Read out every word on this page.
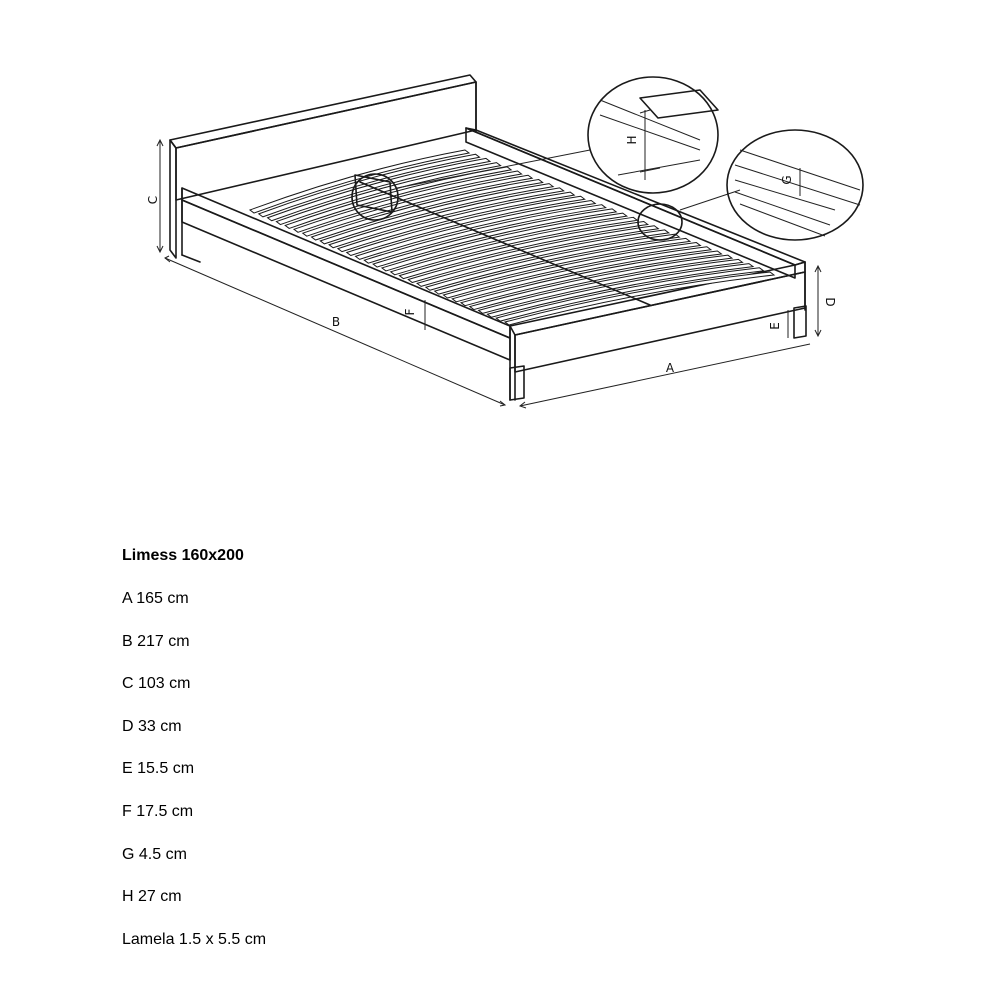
C
B
A
D
E
F
G
H

Limess 160x200

A 165 cm

B 217 cm

C 103 cm

D 33 cm

E 15.5 cm

F 17.5 cm

G 4.5 cm

H 27 cm

Lamela 1.5 x 5.5 cm
